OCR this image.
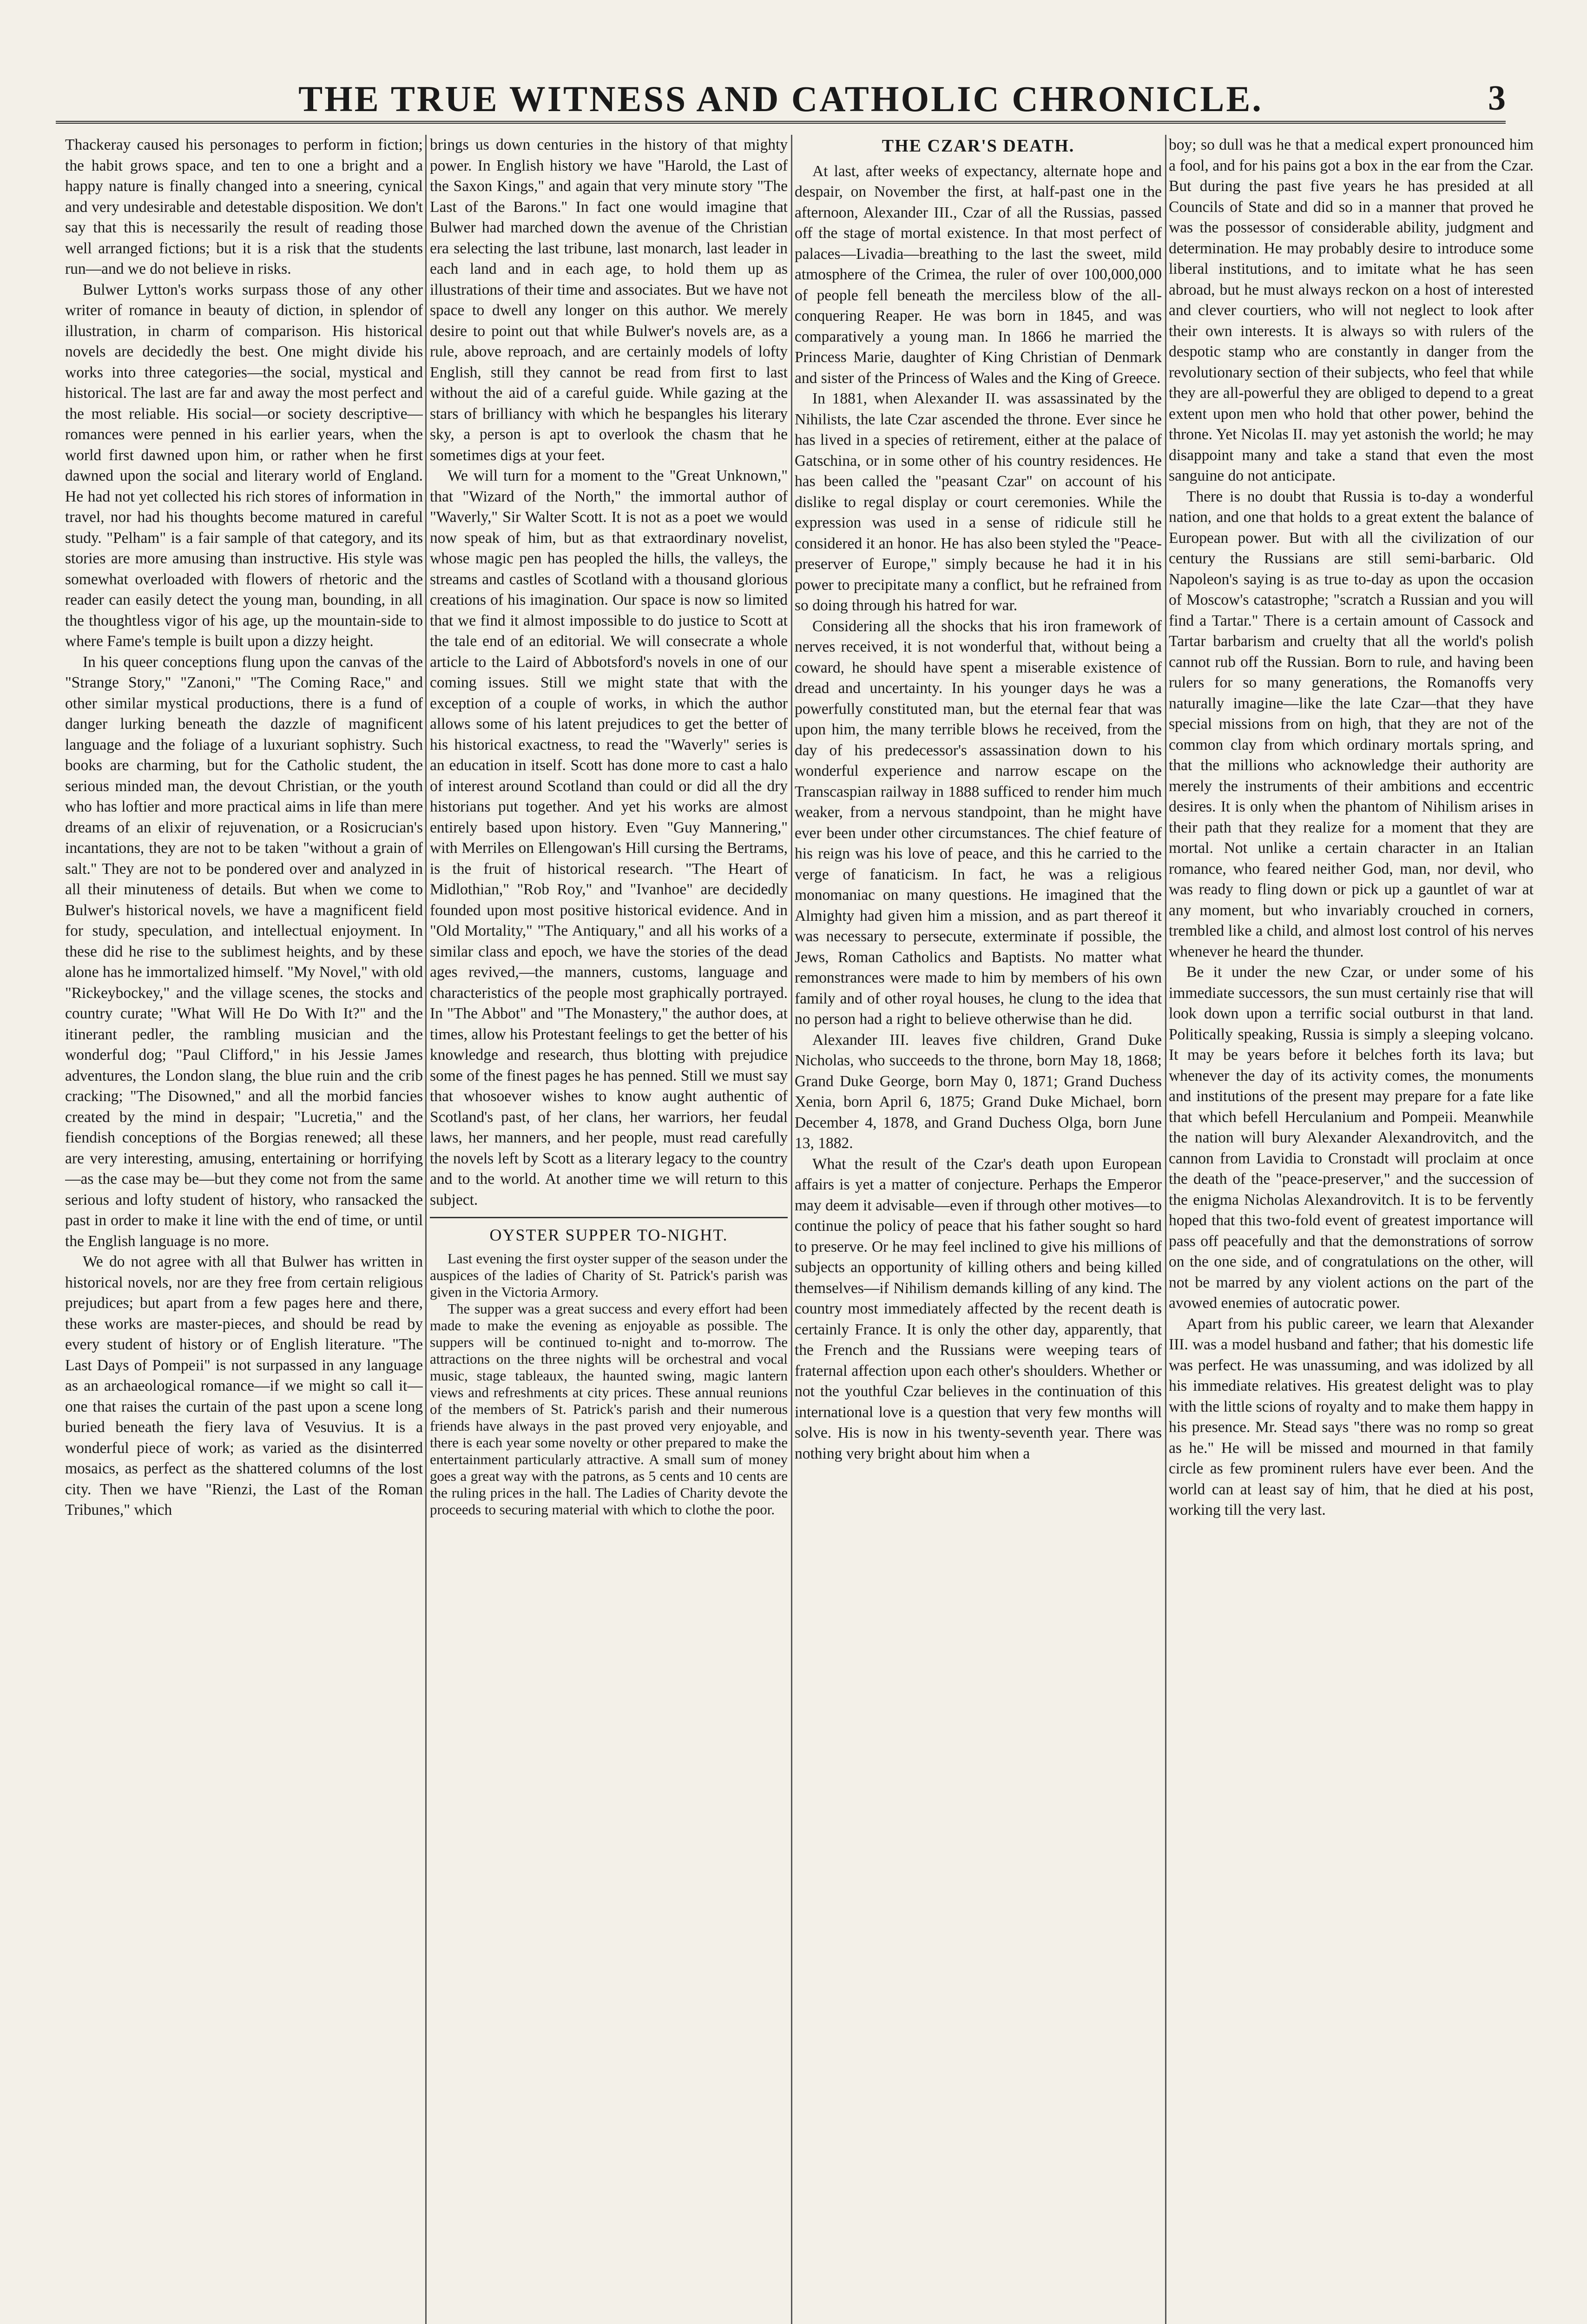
THE TRUE WITNESS AND CATHOLIC CHRONICLE.	3

Thackeray caused his personages to perform in fiction; the habit grows space, and ten to one a bright and a happy nature is finally changed into a sneering, cynical and very undesirable and detestable disposition. We don't say that this is necessarily the result of reading those well arranged fictions; but it is a risk that the students run—and we do not believe in risks.

Bulwer Lytton's works surpass those of any other writer of romance in beauty of diction, in splendor of illustration, in charm of comparison. His historical novels are decidedly the best. One might divide his works into three categories—the social, mystical and historical. The last are far and away the most perfect and the most reliable. His social—or society descriptive—romances were penned in his earlier years, when the world first dawned upon him, or rather when he first dawned upon the social and literary world of England. He had not yet collected his rich stores of information in travel, nor had his thoughts become matured in careful study. "Pelham" is a fair sample of that category, and its stories are more amusing than instructive. His style was somewhat overloaded with flowers of rhetoric and the reader can easily detect the young man, bounding, in all the thoughtless vigor of his age, up the mountain-side to where Fame's temple is built upon a dizzy height.

In his queer conceptions flung upon the canvas of the "Strange Story," "Zanoni," "The Coming Race," and other similar mystical productions, there is a fund of danger lurking beneath the dazzle of magnificent language and the foliage of a luxuriant sophistry. Such books are charming, but for the Catholic student, the serious minded man, the devout Christian, or the youth who has loftier and more practical aims in life than mere dreams of an elixir of rejuvenation, or a Rosicrucian's incantations, they are not to be taken "without a grain of salt." They are not to be pondered over and analyzed in all their minuteness of details. But when we come to Bulwer's historical novels, we have a magnificent field for study, speculation, and intellectual enjoyment. In these did he rise to the sublimest heights, and by these alone has he immortalized himself. "My Novel," with old "Rickeybockey," and the village scenes, the stocks and country curate; "What Will He Do With It?" and the itinerant pedler, the rambling musician and the wonderful dog; "Paul Clifford," in his Jessie James adventures, the London slang, the blue ruin and the crib cracking; "The Disowned," and all the morbid fancies created by the mind in despair; "Lucretia," and the fiendish conceptions of the Borgias renewed; all these are very interesting, amusing, entertaining or horrifying—as the case may be—but they come not from the same serious and lofty student of history, who ransacked the past in order to make it line with the end of time, or until the English language is no more.

We do not agree with all that Bulwer has written in historical novels, nor are they free from certain religious prejudices; but apart from a few pages here and there, these works are master-pieces, and should be read by every student of history or of English literature. "The Last Days of Pompeii" is not surpassed in any language as an archaeological romance—if we might so call it—one that raises the curtain of the past upon a scene long buried beneath the fiery lava of Vesuvius. It is a wonderful piece of work; as varied as the disinterred mosaics, as perfect as the shattered columns of the lost city. Then we have "Rienzi, the Last of the Roman Tribunes," which

brings us down centuries in the history of that mighty power. In English history we have "Harold, the Last of the Saxon Kings," and again that very minute story "The Last of the Barons." In fact one would imagine that Bulwer had marched down the avenue of the Christian era selecting the last tribune, last monarch, last leader in each land and in each age, to hold them up as illustrations of their time and associates. But we have not space to dwell any longer on this author. We merely desire to point out that while Bulwer's novels are, as a rule, above reproach, and are certainly models of lofty English, still they cannot be read from first to last without the aid of a careful guide. While gazing at the stars of brilliancy with which he bespangles his literary sky, a person is apt to overlook the chasm that he sometimes digs at your feet.

We will turn for a moment to the "Great Unknown," that "Wizard of the North," the immortal author of "Waverly," Sir Walter Scott. It is not as a poet we would now speak of him, but as that extraordinary novelist, whose magic pen has peopled the hills, the valleys, the streams and castles of Scotland with a thousand glorious creations of his imagination. Our space is now so limited that we find it almost impossible to do justice to Scott at the tale end of an editorial. We will consecrate a whole article to the Laird of Abbotsford's novels in one of our coming issues. Still we might state that with the exception of a couple of works, in which the author allows some of his latent prejudices to get the better of his historical exactness, to read the "Waverly" series is an education in itself. Scott has done more to cast a halo of interest around Scotland than could or did all the dry historians put together. And yet his works are almost entirely based upon history. Even "Guy Mannering," with Merriles on Ellengowan's Hill cursing the Bertrams, is the fruit of historical research. "The Heart of Midlothian," "Rob Roy," and "Ivanhoe" are decidedly founded upon most positive historical evidence. And in "Old Mortality," "The Antiquary," and all his works of a similar class and epoch, we have the stories of the dead ages revived,—the manners, customs, language and characteristics of the people most graphically portrayed. In "The Abbot" and "The Monastery," the author does, at times, allow his Protestant feelings to get the better of his knowledge and research, thus blotting with prejudice some of the finest pages he has penned. Still we must say that whosoever wishes to know aught authentic of Scotland's past, of her clans, her warriors, her feudal laws, her manners, and her people, must read carefully the novels left by Scott as a literary legacy to the country and to the world. At another time we will return to this subject.

OYSTER SUPPER TO-NIGHT.

Last evening the first oyster supper of the season under the auspices of the ladies of Charity of St. Patrick's parish was given in the Victoria Armory.

The supper was a great success and every effort had been made to make the evening as enjoyable as possible. The suppers will be continued to-night and to-morrow. The attractions on the three nights will be orchestral and vocal music, stage tableaux, the haunted swing, magic lantern views and refreshments at city prices. These annual reunions of the members of St. Patrick's parish and their numerous friends have always in the past proved very enjoyable, and there is each year some novelty or other prepared to make the entertainment particularly attractive. A small sum of money goes a great way with the patrons, as 5 cents and 10 cents are the ruling prices in the hall. The Ladies of Charity devote the proceeds to securing material with which to clothe the poor.

THE CZAR'S DEATH.

At last, after weeks of expectancy, alternate hope and despair, on November the first, at half-past one in the afternoon, Alexander III., Czar of all the Russias, passed off the stage of mortal existence. In that most perfect of palaces—Livadia—breathing to the last the sweet, mild atmosphere of the Crimea, the ruler of over 100,000,000 of people fell beneath the merciless blow of the all-conquering Reaper. He was born in 1845, and was comparatively a young man. In 1866 he married the Princess Marie, daughter of King Christian of Denmark and sister of the Princess of Wales and the King of Greece.

In 1881, when Alexander II. was assassinated by the Nihilists, the late Czar ascended the throne. Ever since he has lived in a species of retirement, either at the palace of Gatschina, or in some other of his country residences. He has been called the "peasant Czar" on account of his dislike to regal display or court ceremonies. While the expression was used in a sense of ridicule still he considered it an honor. He has also been styled the "Peace-preserver of Europe," simply because he had it in his power to precipitate many a conflict, but he refrained from so doing through his hatred for war.

Considering all the shocks that his iron framework of nerves received, it is not wonderful that, without being a coward, he should have spent a miserable existence of dread and uncertainty. In his younger days he was a powerfully constituted man, but the eternal fear that was upon him, the many terrible blows he received, from the day of his predecessor's assassination down to his wonderful experience and narrow escape on the Transcaspian railway in 1888 sufficed to render him much weaker, from a nervous standpoint, than he might have ever been under other circumstances. The chief feature of his reign was his love of peace, and this he carried to the verge of fanaticism. In fact, he was a religious monomaniac on many questions. He imagined that the Almighty had given him a mission, and as part thereof it was necessary to persecute, exterminate if possible, the Jews, Roman Catholics and Baptists. No matter what remonstrances were made to him by members of his own family and of other royal houses, he clung to the idea that no person had a right to believe otherwise than he did.

Alexander III. leaves five children, Grand Duke Nicholas, who succeeds to the throne, born May 18, 1868; Grand Duke George, born May 0, 1871; Grand Duchess Xenia, born April 6, 1875; Grand Duke Michael, born December 4, 1878, and Grand Duchess Olga, born June 13, 1882.

What the result of the Czar's death upon European affairs is yet a matter of conjecture. Perhaps the Emperor may deem it advisable—even if through other motives—to continue the policy of peace that his father sought so hard to preserve. Or he may feel inclined to give his millions of subjects an opportunity of killing others and being killed themselves—if Nihilism demands killing of any kind. The country most immediately affected by the recent death is certainly France. It is only the other day, apparently, that the French and the Russians were weeping tears of fraternal affection upon each other's shoulders. Whether or not the youthful Czar believes in the continuation of this international love is a question that very few months will solve. His is now in his twenty-seventh year. There was nothing very bright about him when a

boy; so dull was he that a medical expert pronounced him a fool, and for his pains got a box in the ear from the Czar. But during the past five years he has presided at all Councils of State and did so in a manner that proved he was the possessor of considerable ability, judgment and determination. He may probably desire to introduce some liberal institutions, and to imitate what he has seen abroad, but he must always reckon on a host of interested and clever courtiers, who will not neglect to look after their own interests. It is always so with rulers of the despotic stamp who are constantly in danger from the revolutionary section of their subjects, who feel that while they are all-powerful they are obliged to depend to a great extent upon men who hold that other power, behind the throne. Yet Nicolas II. may yet astonish the world; he may disappoint many and take a stand that even the most sanguine do not anticipate.

There is no doubt that Russia is to-day a wonderful nation, and one that holds to a great extent the balance of European power. But with all the civilization of our century the Russians are still semi-barbaric. Old Napoleon's saying is as true to-day as upon the occasion of Moscow's catastrophe; "scratch a Russian and you will find a Tartar." There is a certain amount of Cassock and Tartar barbarism and cruelty that all the world's polish cannot rub off the Russian. Born to rule, and having been rulers for so many generations, the Romanoffs very naturally imagine—like the late Czar—that they have special missions from on high, that they are not of the common clay from which ordinary mortals spring, and that the millions who acknowledge their authority are merely the instruments of their ambitions and eccentric desires. It is only when the phantom of Nihilism arises in their path that they realize for a moment that they are mortal. Not unlike a certain character in an Italian romance, who feared neither God, man, nor devil, who was ready to fling down or pick up a gauntlet of war at any moment, but who invariably crouched in corners, trembled like a child, and almost lost control of his nerves whenever he heard the thunder.

Be it under the new Czar, or under some of his immediate successors, the sun must certainly rise that will look down upon a terrific social outburst in that land. Politically speaking, Russia is simply a sleeping volcano. It may be years before it belches forth its lava; but whenever the day of its activity comes, the monuments and institutions of the present may prepare for a fate like that which befell Herculanium and Pompeii. Meanwhile the nation will bury Alexander Alexandrovitch, and the cannon from Lavidia to Cronstadt will proclaim at once the death of the "peace-preserver," and the succession of the enigma Nicholas Alexandrovitch. It is to be fervently hoped that this two-fold event of greatest importance will pass off peacefully and that the demonstrations of sorrow on the one side, and of congratulations on the other, will not be marred by any violent actions on the part of the avowed enemies of autocratic power.

Apart from his public career, we learn that Alexander III. was a model husband and father; that his domestic life was perfect. He was unassuming, and was idolized by all his immediate relatives. His greatest delight was to play with the little scions of royalty and to make them happy in his presence. Mr. Stead says "there was no romp so great as he." He will be missed and mourned in that family circle as few prominent rulers have ever been. And the world can at least say of him, that he died at his post, working till the very last.
